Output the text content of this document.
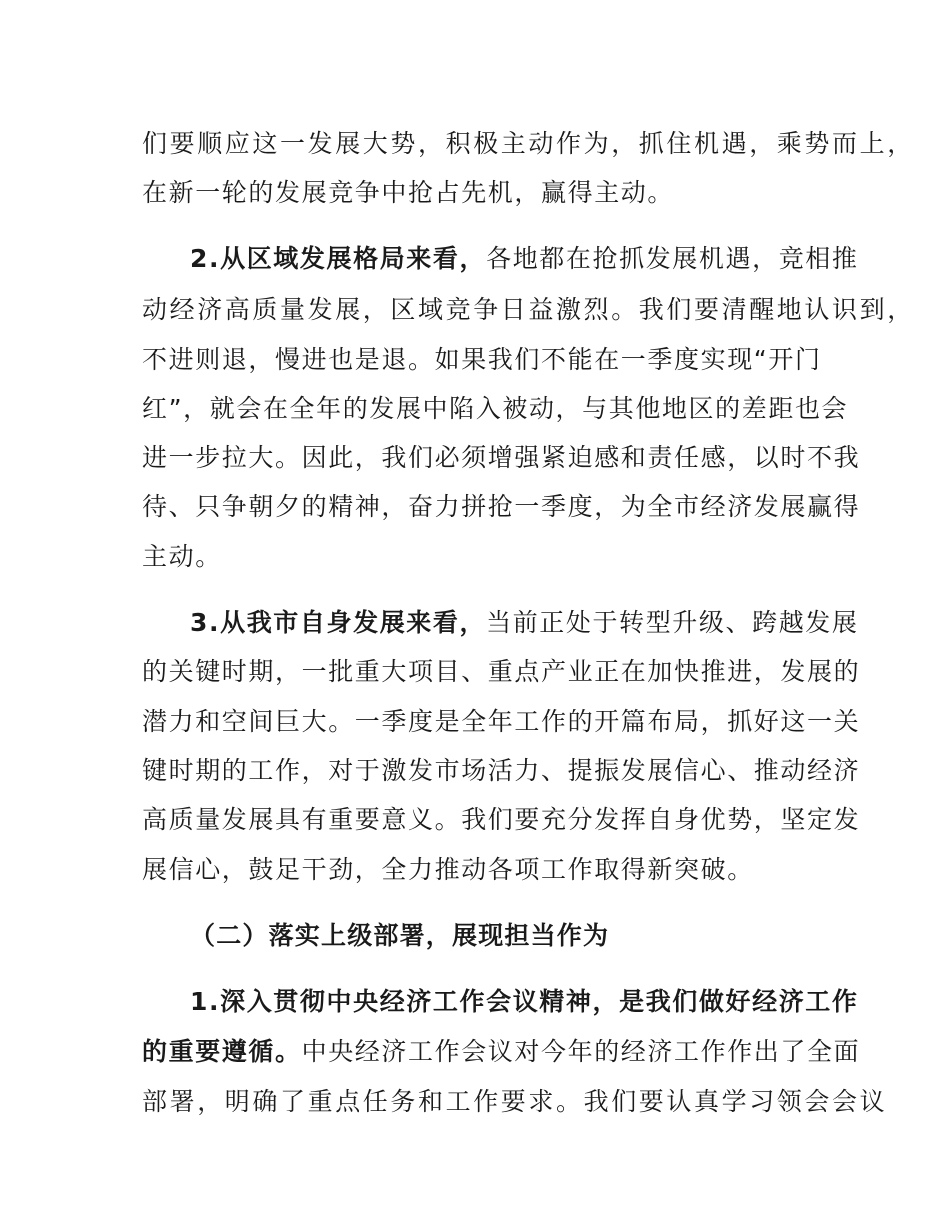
们要顺应这一发展大势，积极主动作为，抓住机遇，乘势而上，
在新一轮的发展竞争中抢占先机，赢得主动。
2.从区域发展格局来看，各地都在抢抓发展机遇，竞相推
动经济高质量发展，区域竞争日益激烈。我们要清醒地认识到，
不进则退，慢进也是退。如果我们不能在一季度实现“开门
红”，就会在全年的发展中陷入被动，与其他地区的差距也会
进一步拉大。因此，我们必须增强紧迫感和责任感，以时不我
待、只争朝夕的精神，奋力拼抢一季度，为全市经济发展赢得
主动。
3.从我市自身发展来看，当前正处于转型升级、跨越发展
的关键时期，一批重大项目、重点产业正在加快推进，发展的
潜力和空间巨大。一季度是全年工作的开篇布局，抓好这一关
键时期的工作，对于激发市场活力、提振发展信心、推动经济
高质量发展具有重要意义。我们要充分发挥自身优势，坚定发
展信心，鼓足干劲，全力推动各项工作取得新突破。
（二）落实上级部署，展现担当作为
1.深入贯彻中央经济工作会议精神，是我们做好经济工作
的重要遵循。中央经济工作会议对今年的经济工作作出了全面
部署，明确了重点任务和工作要求。我们要认真学习领会会议
